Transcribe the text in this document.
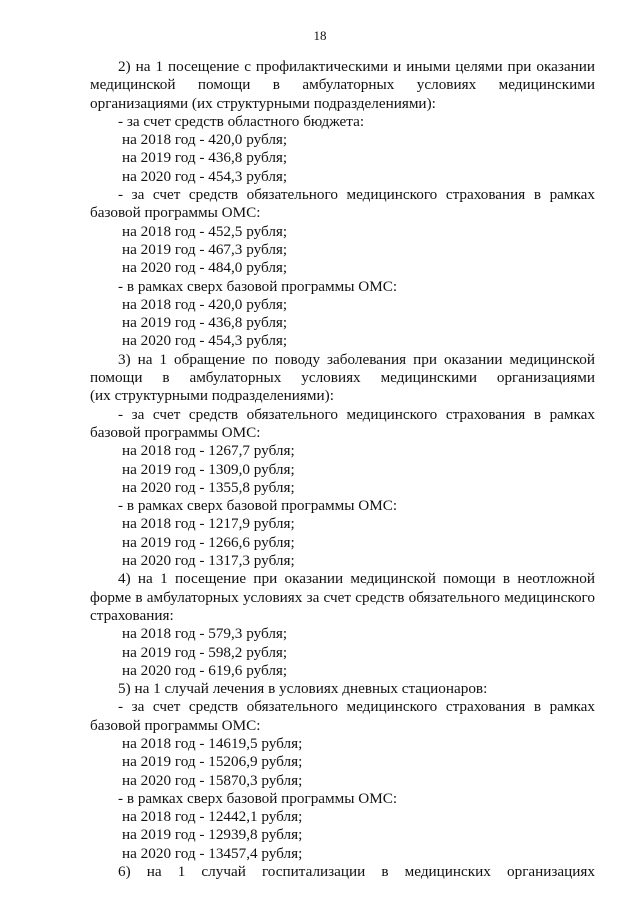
18
2) на 1 посещение с профилактическими и иными целями при оказании
медицинской помощи в амбулаторных условиях медицинскими
организациями (их структурными подразделениями):
- за счет средств областного бюджета:
на 2018 год - 420,0 рубля;
на 2019 год - 436,8 рубля;
на 2020 год - 454,3 рубля;
- за счет средств обязательного медицинского страхования в рамках
базовой программы ОМС:
на 2018 год - 452,5 рубля;
на 2019 год - 467,3 рубля;
на 2020 год - 484,0 рубля;
- в рамках сверх базовой программы ОМС:
на 2018 год - 420,0 рубля;
на 2019 год - 436,8 рубля;
на 2020 год - 454,3 рубля;
3) на 1 обращение по поводу заболевания при оказании медицинской
помощи в амбулаторных условиях медицинскими организациями
(их структурными подразделениями):
- за счет средств обязательного медицинского страхования в рамках
базовой программы ОМС:
на 2018 год - 1267,7 рубля;
на 2019 год - 1309,0 рубля;
на 2020 год - 1355,8 рубля;
- в рамках сверх базовой программы ОМС:
на 2018 год - 1217,9 рубля;
на 2019 год - 1266,6 рубля;
на 2020 год - 1317,3 рубля;
4) на 1 посещение при оказании медицинской помощи в неотложной
форме в амбулаторных условиях за счет средств обязательного медицинского
страхования:
на 2018 год - 579,3 рубля;
на 2019 год - 598,2 рубля;
на 2020 год - 619,6 рубля;
5) на 1 случай лечения в условиях дневных стационаров:
- за счет средств обязательного медицинского страхования в рамках
базовой программы ОМС:
на 2018 год - 14619,5 рубля;
на 2019 год - 15206,9 рубля;
на 2020 год - 15870,3 рубля;
- в рамках сверх базовой программы ОМС:
на 2018 год - 12442,1 рубля;
на 2019 год - 12939,8 рубля;
на 2020 год - 13457,4 рубля;
6) на 1 случай госпитализации в медицинских организациях
